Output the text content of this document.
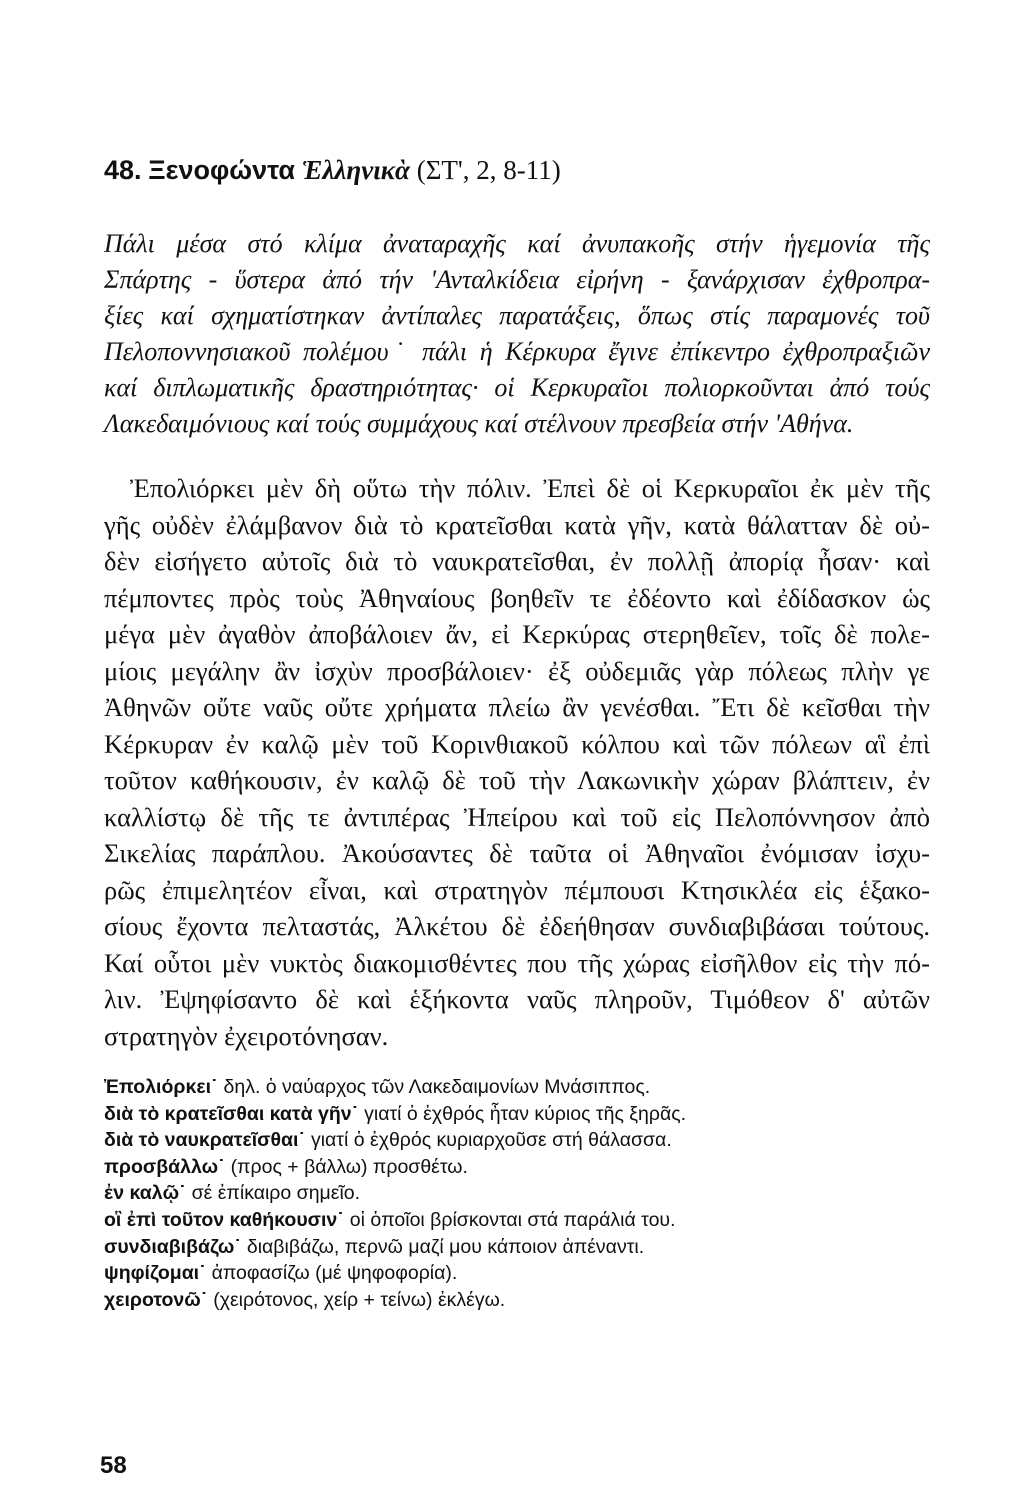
48. Ξενοφώντα Ἑλληνικὰ (ΣΤ', 2, 8-11)
Πάλι μέσα στό κλίμα ἀναταραχῆς καί ἀνυπακοῆς στήν ἡγεμονία τῆς
Σπάρτης - ὕστερα ἀπό τήν 'Ανταλκίδεια εἰρήνη - ξανάρχισαν ἐχθροπρα-
ξίες καί σχηματίστηκαν ἀντίπαλες παρατάξεις, ὅπως στίς παραμονές τοῦ
Πελοποννησιακοῦ πολέμου˙ πάλι ἡ Κέρκυρα ἔγινε ἐπίκεντρο ἐχθροπραξιῶν
καί διπλωματικῆς δραστηριότητας· οἱ Κερκυραῖοι πολιορκοῦνται ἀπό τούς
Λακεδαιμόνιους καί τούς συμμάχους καί στέλνουν πρεσβεία στήν 'Αθήνα.
Ἐπολιόρκει μὲν δὴ οὕτω τὴν πόλιν. Ἐπεὶ δὲ οἱ Κερκυραῖοι ἐκ μὲν τῆς
γῆς οὐδὲν ἐλάμβανον διὰ τὸ κρατεῖσθαι κατὰ γῆν, κατὰ θάλατταν δὲ οὐ-
δὲν εἰσήγετο αὐτοῖς διὰ τὸ ναυκρατεῖσθαι, ἐν πολλῇ ἀπορίᾳ ἦσαν· καὶ
πέμποντες πρὸς τοὺς Ἀθηναίους βοηθεῖν τε ἐδέοντο καὶ ἐδίδασκον ὡς
μέγα μὲν ἀγαθὸν ἀποβάλοιεν ἄν, εἰ Κερκύρας στερηθεῖεν, τοῖς δὲ πολε-
μίοις μεγάλην ἂν ἰσχὺν προσβάλοιεν· ἐξ οὐδεμιᾶς γὰρ πόλεως πλὴν γε
Ἀθηνῶν οὔτε ναῦς οὔτε χρήματα πλείω ἂν γενέσθαι. Ἔτι δὲ κεῖσθαι τὴν
Κέρκυραν ἐν καλῷ μὲν τοῦ Κορινθιακοῦ κόλπου καὶ τῶν πόλεων αἳ ἐπὶ
τοῦτον καθήκουσιν, ἐν καλῷ δὲ τοῦ τὴν Λακωνικὴν χώραν βλάπτειν, ἐν
καλλίστῳ δὲ τῆς τε ἀντιπέρας Ἠπείρου καὶ τοῦ εἰς Πελοπόννησον ἀπὸ
Σικελίας παράπλου. Ἀκούσαντες δὲ ταῦτα οἱ Ἀθηναῖοι ἐνόμισαν ἰσχυ-
ρῶς ἐπιμελητέον εἶναι, καὶ στρατηγὸν πέμπουσι Κτησικλέα εἰς ἑξακο-
σίους ἔχοντα πελταστάς, Ἀλκέτου δὲ ἐδεήθησαν συνδιαβιβάσαι τούτους.
Καί οὗτοι μὲν νυκτὸς διακομισθέντες που τῆς χώρας εἰσῆλθον εἰς τὴν πό-
λιν. Ἐψηφίσαντο δὲ καὶ ἑξήκοντα ναῦς πληροῦν, Τιμόθεον δ' αὐτῶν
στρατηγὸν ἐχειροτόνησαν.
Ἐπολιόρκει˙ δηλ. ὁ ναύαρχος τῶν Λακεδαιμονίων Μνάσιππος.
διὰ τὸ κρατεῖσθαι κατὰ γῆν˙ γιατί ὁ ἐχθρός ἦταν κύριος τῆς ξηρᾶς.
διὰ τὸ ναυκρατεῖσθαι˙ γιατί ὁ ἐχθρός κυριαρχοῦσε στή θάλασσα.
προσβάλλω˙ (προς + βάλλω) προσθέτω.
ἐν καλῷ˙ σέ ἐπίκαιρο σημεῖο.
οἳ ἐπὶ τοῦτον καθήκουσιν˙ οἱ ὁποῖοι βρίσκονται στά παράλιά του.
συνδιαβιβάζω˙ διαβιβάζω, περνῶ μαζί μου κάποιον ἀπέναντι.
ψηφίζομαι˙ ἀποφασίζω (μέ ψηφοφορία).
χειροτονῶ˙ (χειρότονος, χείρ + τείνω) ἐκλέγω.
58
